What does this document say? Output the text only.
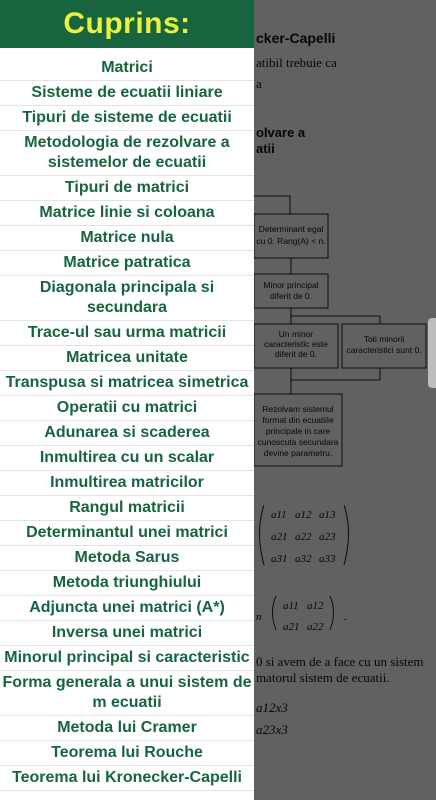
Cuprins:
Matrici
Sisteme de ecuatii liniare
Tipuri de sisteme de ecuatii
Metodologia de rezolvare a sistemelor de ecuatii
Tipuri de matrici
Matrice linie si coloana
Matrice nula
Matrice patratica
Diagonala principala si secundara
Trace-ul sau urma matricii
Matricea unitate
Transpusa si matricea simetrica
Operatii cu matrici
Adunarea si scaderea
Inmultirea cu un scalar
Inmultirea matricilor
Rangul matricii
Determinantul unei matrici
Metoda Sarus
Metoda triunghiului
Adjuncta unei matrici (A*)
Inversa unei matrici
Minorul principal si caracteristic
Forma generala a unui sistem de m ecuatii
Metoda lui Cramer
Teorema lui Rouche
Teorema lui Kronecker-Capelli
